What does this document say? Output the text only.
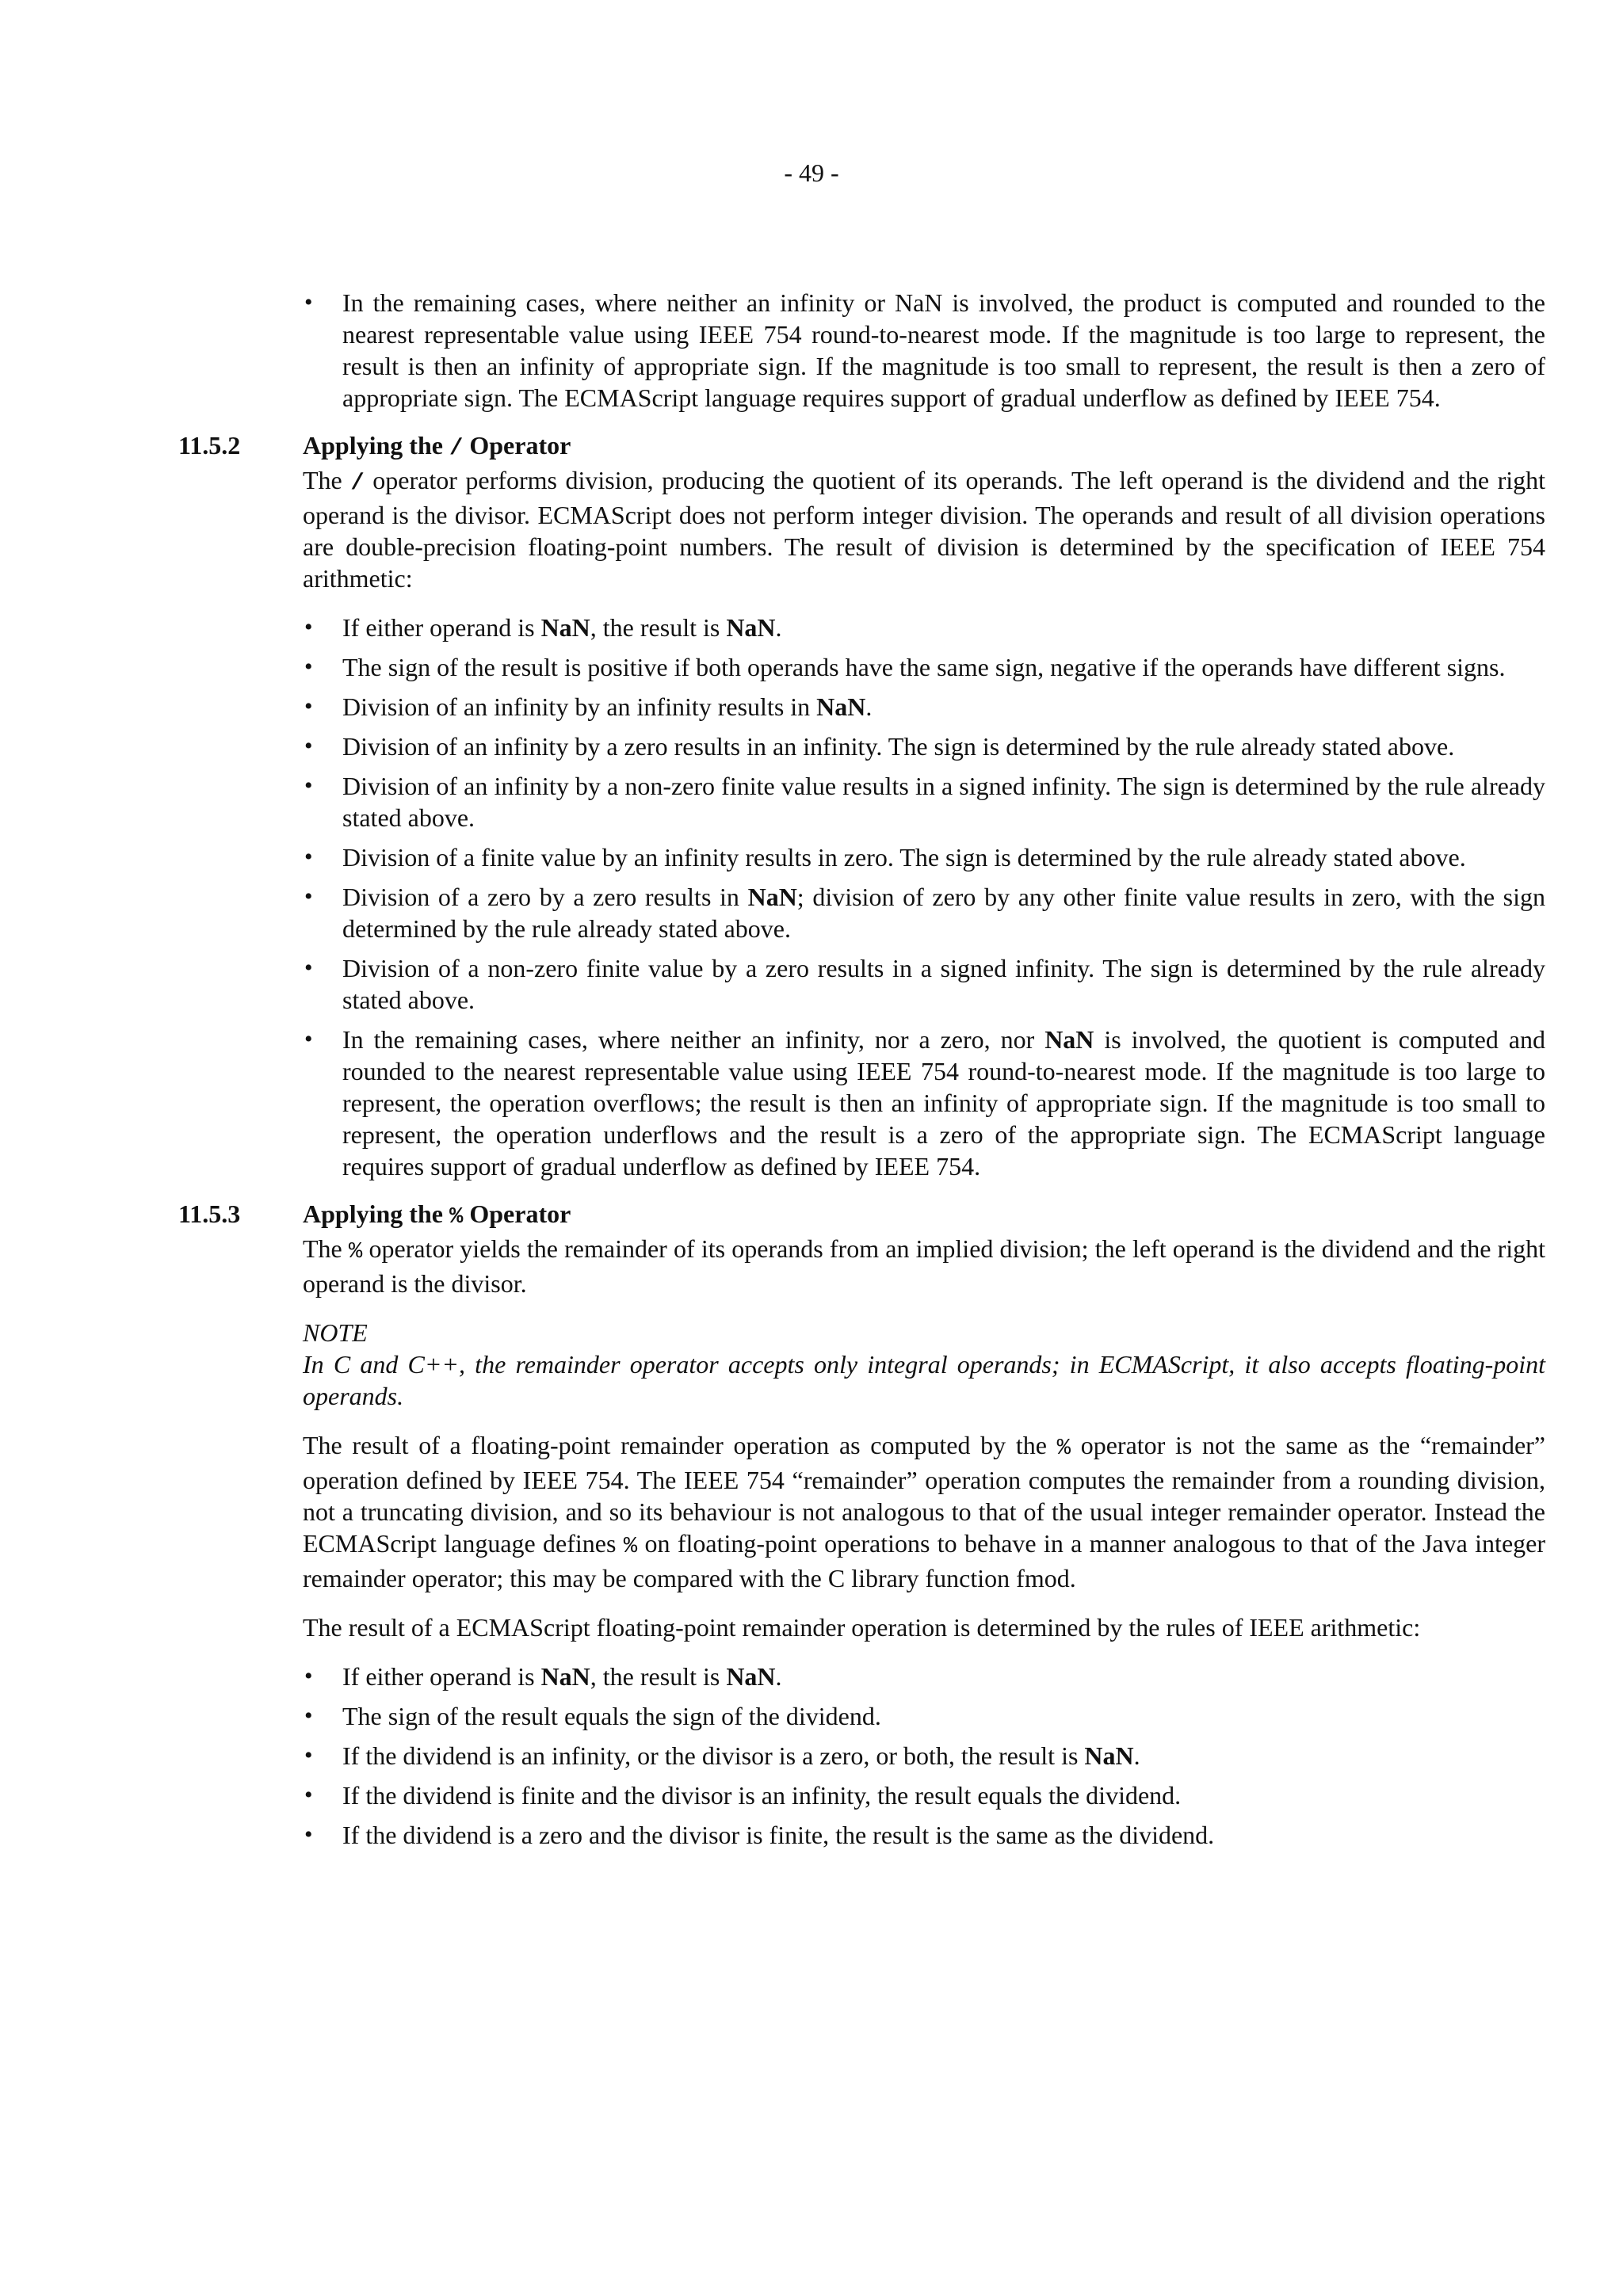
- 49 -
• In the remaining cases, where neither an infinity or NaN is involved, the product is computed and rounded to the nearest representable value using IEEE 754 round-to-nearest mode. If the magnitude is too large to represent, the result is then an infinity of appropriate sign. If the magnitude is too small to represent, the result is then a zero of appropriate sign. The ECMAScript language requires support of gradual underflow as defined by IEEE 754.
11.5.2	Applying the / Operator

The / operator performs division, producing the quotient of its operands. The left operand is the dividend and the right operand is the divisor. ECMAScript does not perform integer division. The operands and result of all division operations are double-precision floating-point numbers. The result of division is determined by the specification of IEEE 754 arithmetic:

• If either operand is NaN, the result is NaN.
• The sign of the result is positive if both operands have the same sign, negative if the operands have different signs.
• Division of an infinity by an infinity results in NaN.
• Division of an infinity by a zero results in an infinity. The sign is determined by the rule already stated above.
• Division of an infinity by a non-zero finite value results in a signed infinity. The sign is determined by the rule already stated above.
• Division of a finite value by an infinity results in zero. The sign is determined by the rule already stated above.
• Division of a zero by a zero results in NaN; division of zero by any other finite value results in zero, with the sign determined by the rule already stated above.
• Division of a non-zero finite value by a zero results in a signed infinity. The sign is determined by the rule already stated above.
• In the remaining cases, where neither an infinity, nor a zero, nor NaN is involved, the quotient is computed and rounded to the nearest representable value using IEEE 754 round-to-nearest mode. If the magnitude is too large to represent, the operation overflows; the result is then an infinity of appropriate sign. If the magnitude is too small to represent, the operation underflows and the result is a zero of the appropriate sign. The ECMAScript language requires support of gradual underflow as defined by IEEE 754.
11.5.3	Applying the % Operator

The % operator yields the remainder of its operands from an implied division; the left operand is the dividend and the right operand is the divisor.

NOTE

In C and C++, the remainder operator accepts only integral operands; in ECMAScript, it also accepts floating-point operands.

The result of a floating-point remainder operation as computed by the % operator is not the same as the “remainder” operation defined by IEEE 754. The IEEE 754 “remainder” operation computes the remainder from a rounding division, not a truncating division, and so its behaviour is not analogous to that of the usual integer remainder operator. Instead the ECMAScript language defines % on floating-point operations to behave in a manner analogous to that of the Java integer remainder operator; this may be compared with the C library function fmod.

The result of a ECMAScript floating-point remainder operation is determined by the rules of IEEE arithmetic:

• If either operand is NaN, the result is NaN.
• The sign of the result equals the sign of the dividend.
• If the dividend is an infinity, or the divisor is a zero, or both, the result is NaN.
• If the dividend is finite and the divisor is an infinity, the result equals the dividend.
• If the dividend is a zero and the divisor is finite, the result is the same as the dividend.
